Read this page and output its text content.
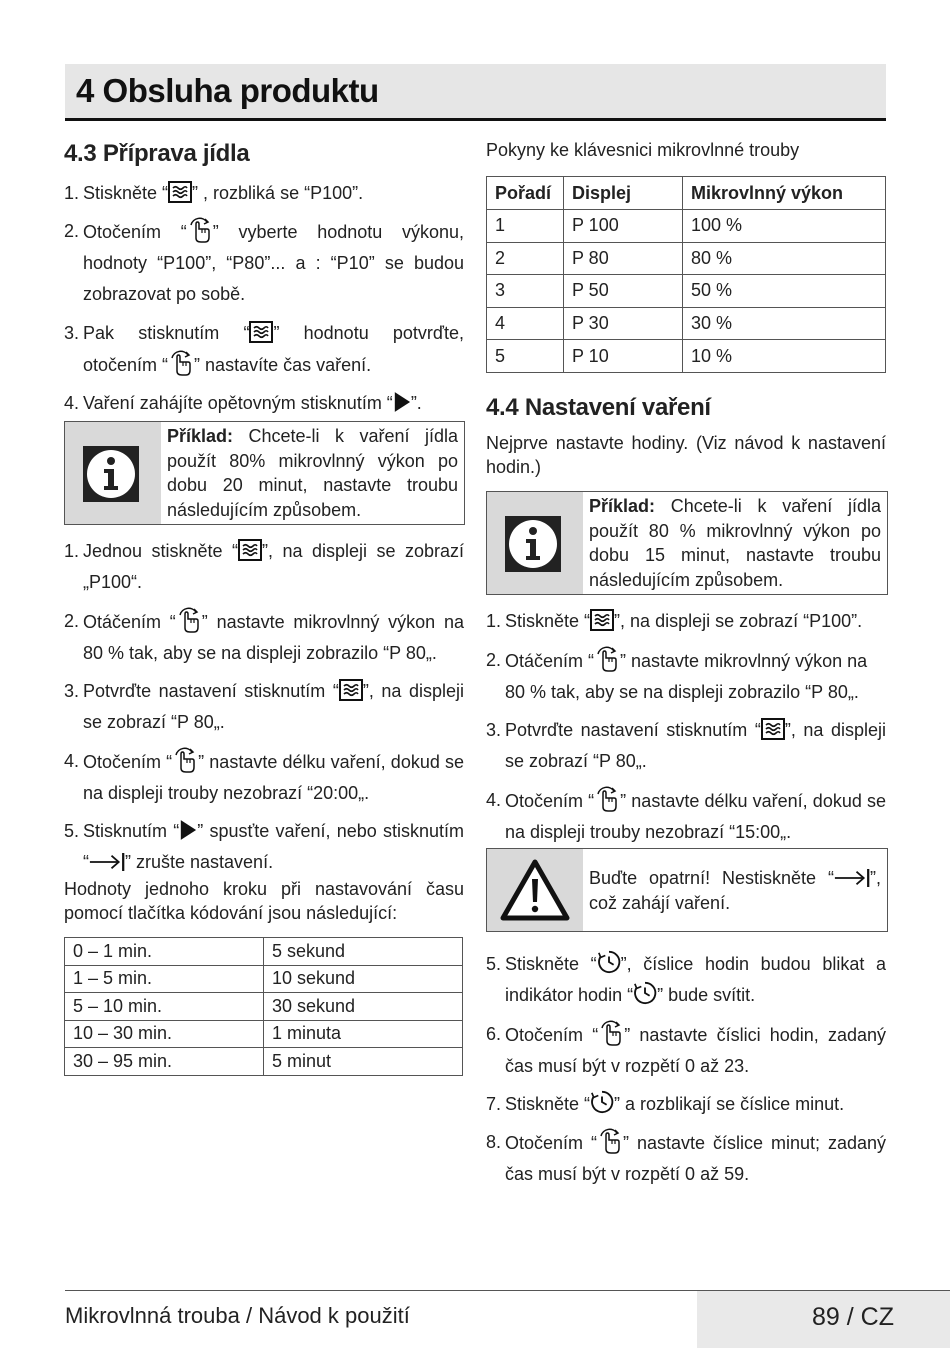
4 Obsluha produktu
4.3 Příprava jídla
1. Stiskněte “ ” , rozbliká se “P100”.
2. Otočením “ ” vyberte hodnotu výkonu, hodnoty “P100”, “P80”... a : “P10” se budou zobrazovat po sobě.
3. Pak stisknutím “ ” hodnotu potvrďte, otočením “ ” nastavíte čas vaření.
4. Vaření zahájíte opětovným stisknutím “ ”.
Příklad: Chcete-li k vaření jídla použít 80% mikrovlnný výkon po dobu 20 minut, nastavte troubu následujícím způsobem.
1. Jednou stiskněte “ ”, na displeji se zobrazí „P100“.
2. Otáčením “ ” nastavte mikrovlnný výkon na 80 % tak, aby se na displeji zobrazilo “P 80„.
3. Potvrďte nastavení stisknutím “ ”, na displeji se zobrazí “P 80„.
4. Otočením “ ” nastavte délku vaření, dokud se na displeji trouby nezobrazí “20:00„.
5. Stisknutím “ ” spusťte vaření, nebo stisknutím “ ” zrušte nastavení.
Hodnoty jednoho kroku při nastavování času pomocí tlačítka kódování jsou následující:
0 – 1 min.	5 sekund
1 – 5 min.	10 sekund
5 – 10 min.	30 sekund
10 – 30 min.	1 minuta
30 – 95 min.	5 minut
Pokyny ke klávesnici mikrovlnné trouby
Pořadí	Displej	Mikrovlnný výkon
1	P 100	100 %
2	P 80	80 %
3	P 50	50 %
4	P 30	30 %
5	P 10	10 %
4.4 Nastavení vaření
Nejprve nastavte hodiny. (Viz návod k nastavení hodin.)
Příklad: Chcete-li k vaření jídla použít 80 % mikrovlnný výkon po dobu 15 minut, nastavte troubu následujícím způsobem.
1. Stiskněte “ ”, na displeji se zobrazí “P100”.
2. Otáčením “ ” nastavte mikrovlnný výkon na 80 % tak, aby se na displeji zobrazilo “P 80„.
3. Potvrďte nastavení stisknutím “ ”, na displeji se zobrazí “P 80„.
4. Otočením “ ” nastavte délku vaření, dokud se na displeji trouby nezobrazí “15:00„.
Buďte opatrní! Nestiskněte “ ”, což zahájí vaření.
5. Stiskněte “ ”, číslice hodin budou blikat a indikátor hodin “ ” bude svítit.
6. Otočením “ ” nastavte číslici hodin, zadaný čas musí být v rozpětí 0 až 23.
7. Stiskněte “ ” a rozblikají se číslice minut.
8. Otočením “ ” nastavte číslice minut; zadaný čas musí být v rozpětí 0 až 59.
Mikrovlnná trouba / Návod k použití	89 / CZ
